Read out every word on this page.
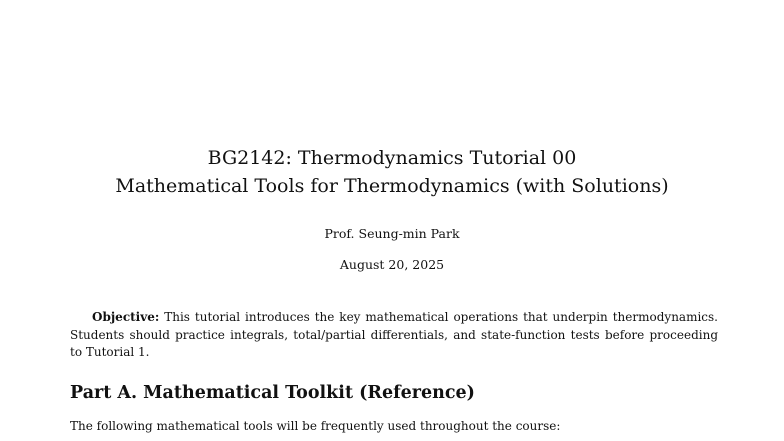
BG2142: Thermodynamics Tutorial 00
Mathematical Tools for Thermodynamics (with Solutions)
Prof. Seung-min Park
August 20, 2025

Objective: This tutorial introduces the key mathematical operations that underpin thermodynamics. Students should practice integrals, total/partial differentials, and state-function tests before proceeding to Tutorial 1.

Part A. Mathematical Toolkit (Reference)

The following mathematical tools will be frequently used throughout the course:
